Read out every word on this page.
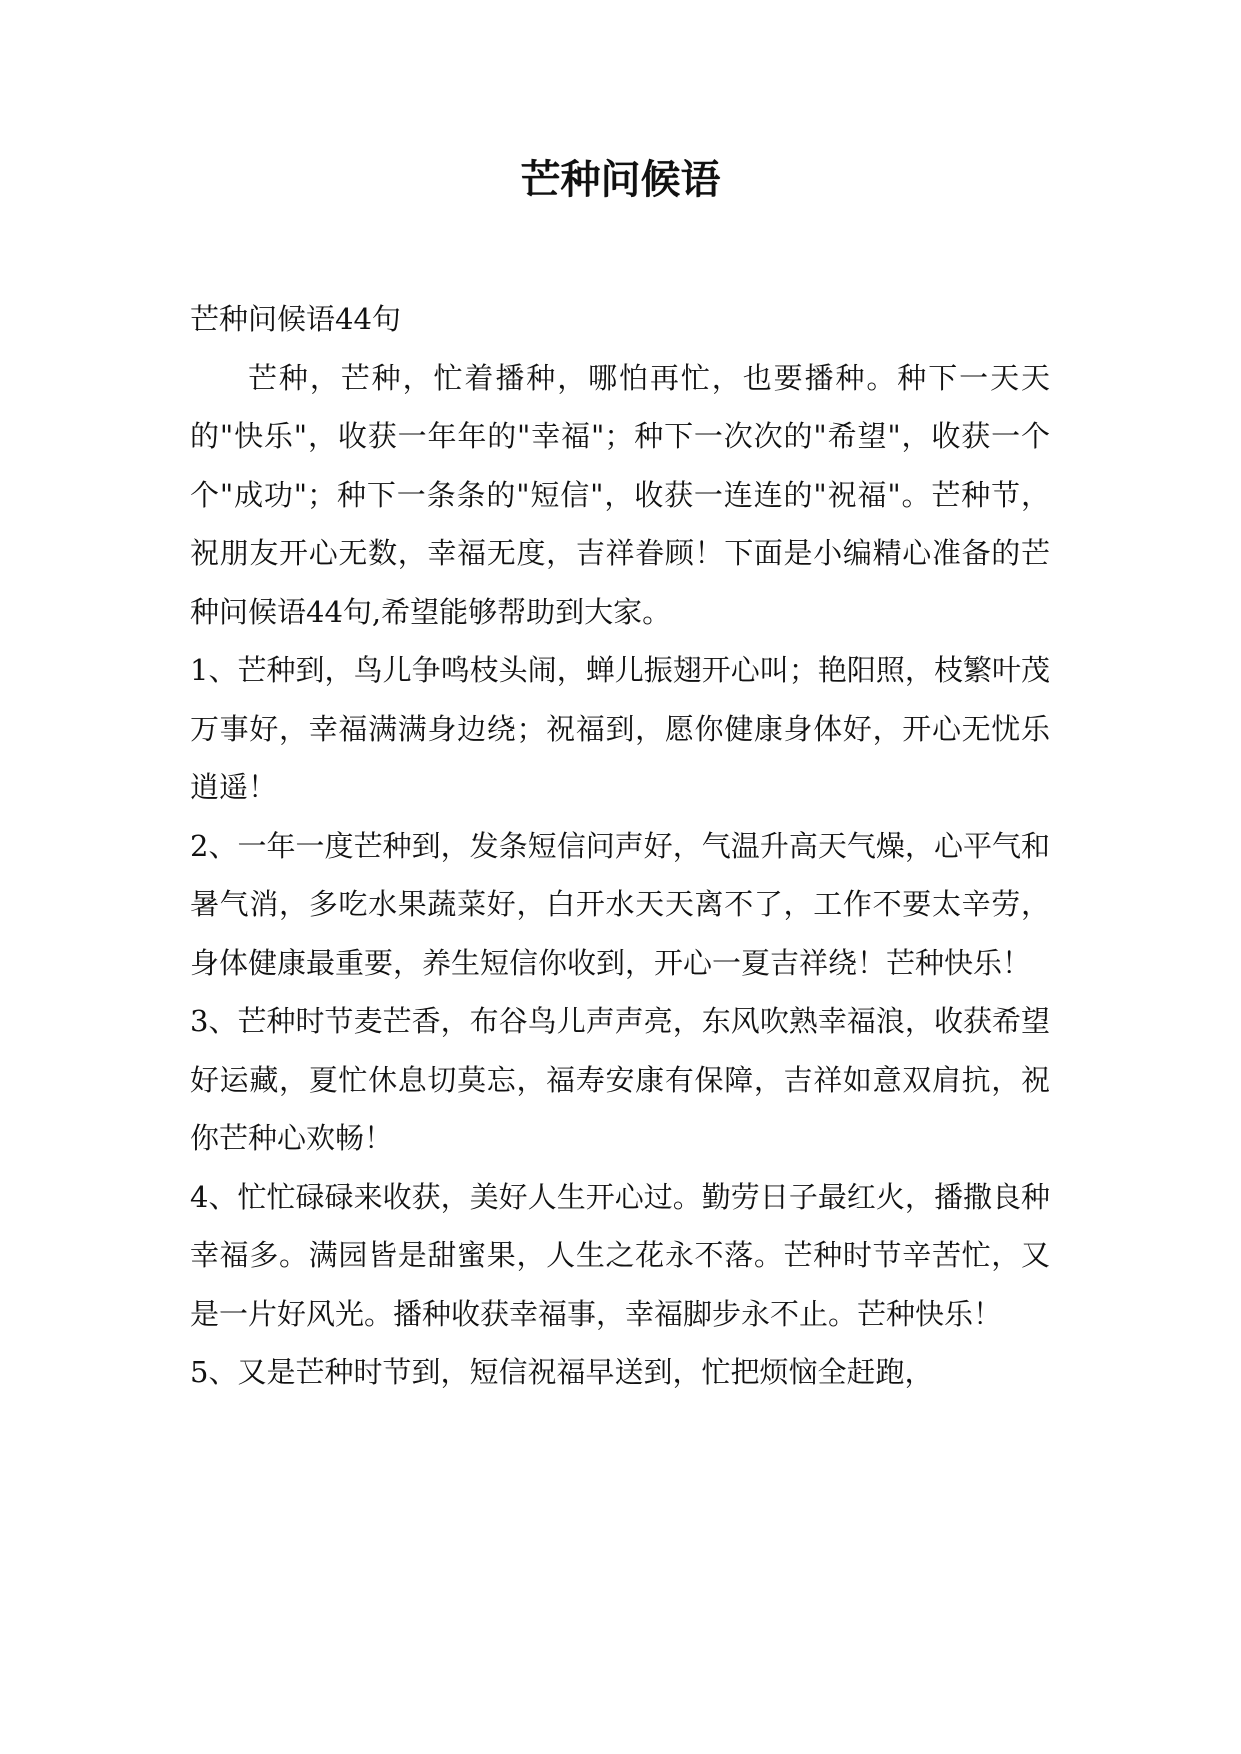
芒种问候语

芒种问候语44句

芒种，芒种，忙着播种，哪怕再忙，也要播种。种下一天天的"快乐"，收获一年年的"幸福"；种下一次次的"希望"，收获一个个"成功"；种下一条条的"短信"，收获一连连的"祝福"。芒种节，祝朋友开心无数，幸福无度，吉祥眷顾！下面是小编精心准备的芒种问候语44句,希望能够帮助到大家。

1、芒种到，鸟儿争鸣枝头闹，蝉儿振翅开心叫；艳阳照，枝繁叶茂万事好，幸福满满身边绕；祝福到，愿你健康身体好，开心无忧乐逍遥！

2、一年一度芒种到，发条短信问声好，气温升高天气燥，心平气和暑气消，多吃水果蔬菜好，白开水天天离不了，工作不要太辛劳，身体健康最重要，养生短信你收到，开心一夏吉祥绕！芒种快乐！

3、芒种时节麦芒香，布谷鸟儿声声亮，东风吹熟幸福浪，收获希望好运藏，夏忙休息切莫忘，福寿安康有保障，吉祥如意双肩抗，祝你芒种心欢畅！

4、忙忙碌碌来收获，美好人生开心过。勤劳日子最红火，播撒良种幸福多。满园皆是甜蜜果，人生之花永不落。芒种时节辛苦忙，又是一片好风光。播种收获幸福事，幸福脚步永不止。芒种快乐！

5、又是芒种时节到，短信祝福早送到，忙把烦恼全赶跑，
